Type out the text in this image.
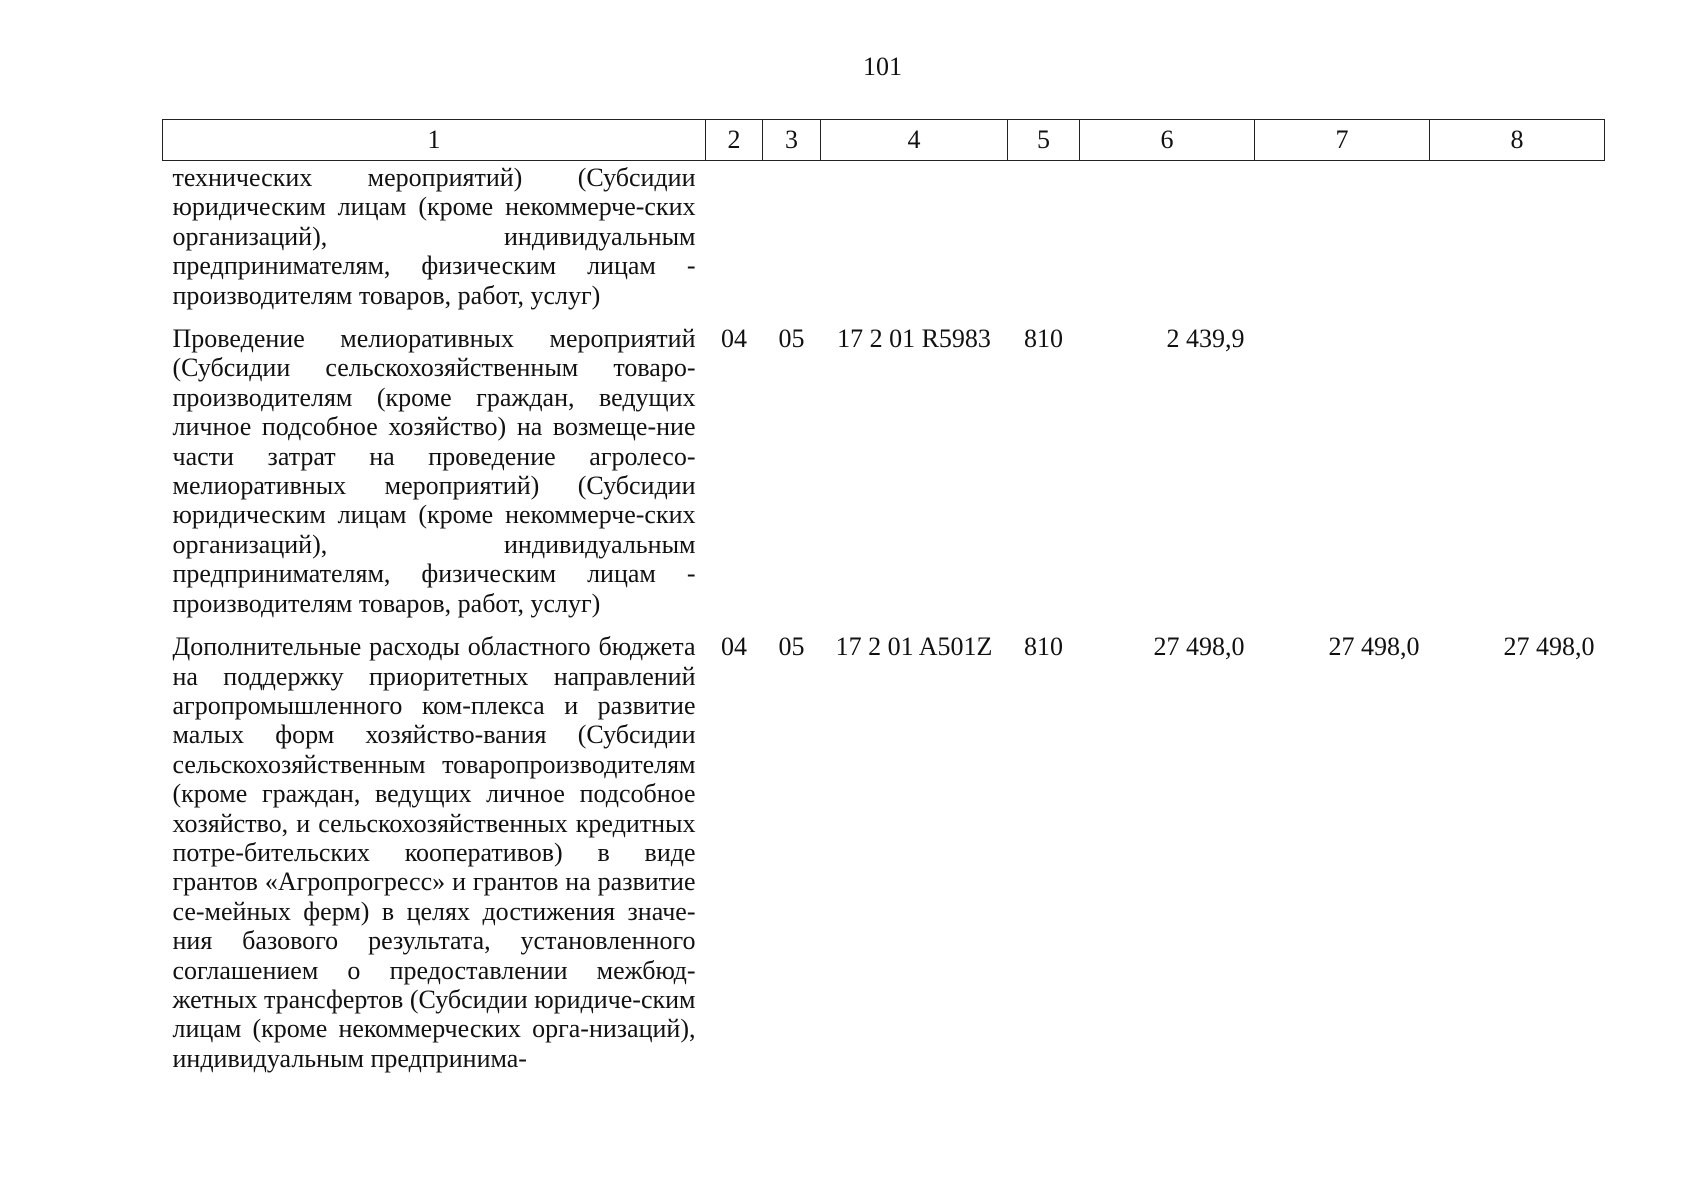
101
1	2	3	4	5	6	7	8
технических мероприятий) (Субсидии юридическим лицам (кроме некоммерче-ских организаций), индивидуальным предпринимателям, физическим лицам - производителям товаров, работ, услуг)							
Проведение мелиоративных мероприятий (Субсидии сельскохозяйственным товаро-производителям (кроме граждан, ведущих личное подсобное хозяйство) на возмеще-ние части затрат на проведение агролесо-мелиоративных мероприятий) (Субсидии юридическим лицам (кроме некоммерче-ских организаций), индивидуальным предпринимателям, физическим лицам - производителям товаров, работ, услуг)	04	05	17 2 01 R5983	810	2 439,9		
Дополнительные расходы областного бюджета на поддержку приоритетных направлений агропромышленного ком-плекса и развитие малых форм хозяйство-вания (Субсидии сельскохозяйственным товаропроизводителям (кроме граждан, ведущих личное подсобное хозяйство, и сельскохозяйственных кредитных потре-бительских кооперативов) в виде грантов «Агропрогресс» и грантов на развитие се-мейных ферм) в целях достижения значе-ния базового результата, установленного соглашением о предоставлении межбюд-жетных трансфертов (Субсидии юридиче-ским лицам (кроме некоммерческих орга-низаций), индивидуальным предпринима-	04	05	17 2 01 A501Z	810	27 498,0	27 498,0	27 498,0
